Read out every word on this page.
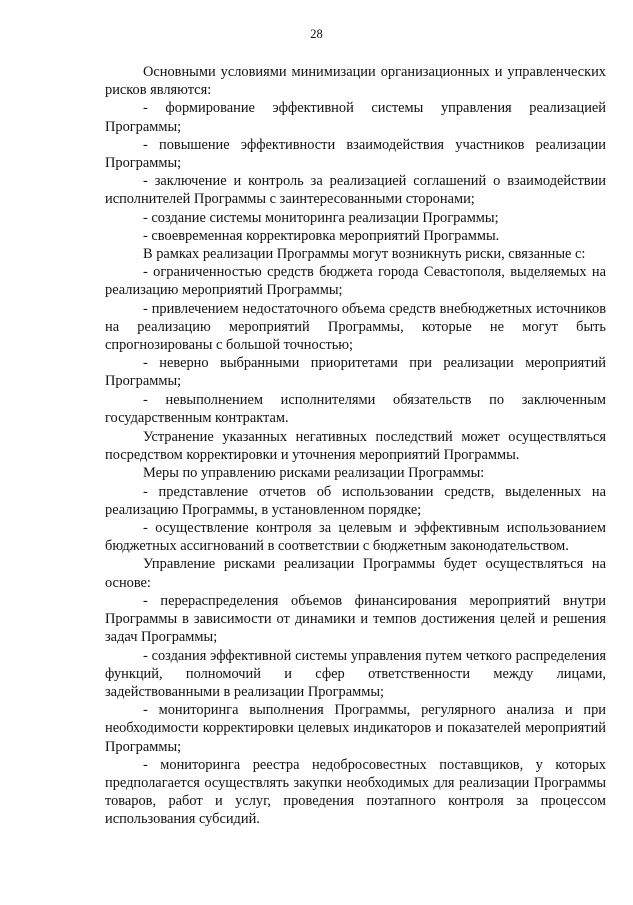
28

Основными условиями минимизации организационных и управленческих рисков являются:

- формирование эффективной системы управления реализацией Программы;

- повышение эффективности взаимодействия участников реализации Программы;

- заключение и контроль за реализацией соглашений о взаимодействии исполнителей Программы с заинтересованными сторонами;

- создание системы мониторинга реализации Программы;

- своевременная корректировка мероприятий Программы.

В рамках реализации Программы могут возникнуть риски, связанные с:

- ограниченностью средств бюджета города Севастополя, выделяемых на реализацию мероприятий Программы;

- привлечением недостаточного объема средств внебюджетных источников на реализацию мероприятий Программы, которые не могут быть спрогнозированы с большой точностью;

- неверно выбранными приоритетами при реализации мероприятий Программы;

- невыполнением исполнителями обязательств по заключенным государственным контрактам.

Устранение указанных негативных последствий может осуществляться посредством корректировки и уточнения мероприятий Программы.

Меры по управлению рисками реализации Программы:

- представление отчетов об использовании средств, выделенных на реализацию Программы, в установленном порядке;

- осуществление контроля за целевым и эффективным использованием бюджетных ассигнований в соответствии с бюджетным законодательством.

Управление рисками реализации Программы будет осуществляться на основе:

- перераспределения объемов финансирования мероприятий внутри Программы в зависимости от динамики и темпов достижения целей и решения задач Программы;

- создания эффективной системы управления путем четкого распределения функций, полномочий и сфер ответственности между лицами, задействованными в реализации Программы;

- мониторинга выполнения Программы, регулярного анализа и при необходимости корректировки целевых индикаторов и показателей мероприятий Программы;

- мониторинга реестра недобросовестных поставщиков, у которых предполагается осуществлять закупки необходимых для реализации Программы товаров, работ и услуг, проведения поэтапного контроля за процессом использования субсидий.
